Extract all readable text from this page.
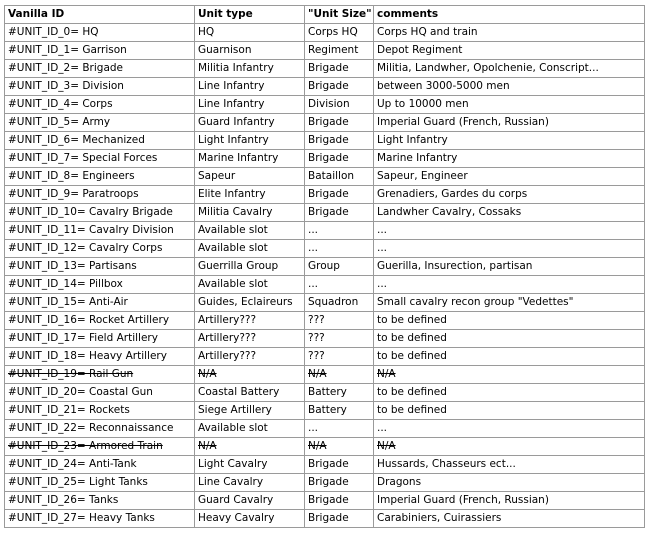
Vanilla ID	Unit type	"Unit Size"	comments
#UNIT_ID_0= HQ	HQ	Corps HQ	Corps HQ and train
#UNIT_ID_1= Garrison	Guarnison	Regiment	Depot Regiment
#UNIT_ID_2= Brigade	Militia Infantry	Brigade	Militia, Landwher, Opolchenie, Conscript...
#UNIT_ID_3= Division	Line Infantry	Brigade	between 3000-5000 men
#UNIT_ID_4= Corps	Line Infantry	Division	Up to 10000 men
#UNIT_ID_5= Army	Guard Infantry	Brigade	Imperial Guard (French, Russian)
#UNIT_ID_6= Mechanized	Light Infantry	Brigade	Light Infantry
#UNIT_ID_7= Special Forces	Marine Infantry	Brigade	Marine Infantry
#UNIT_ID_8= Engineers	Sapeur	Bataillon	Sapeur, Engineer
#UNIT_ID_9= Paratroops	Elite Infantry	Brigade	Grenadiers, Gardes du corps
#UNIT_ID_10= Cavalry Brigade	Militia Cavalry	Brigade	Landwher Cavalry, Cossaks
#UNIT_ID_11= Cavalry Division	Available slot	...	...
#UNIT_ID_12= Cavalry Corps	Available slot	...	...
#UNIT_ID_13= Partisans	Guerrilla Group	Group	Guerilla, Insurection, partisan
#UNIT_ID_14= Pillbox	Available slot	...	...
#UNIT_ID_15= Anti-Air	Guides, Eclaireurs	Squadron	Small cavalry recon group "Vedettes"
#UNIT_ID_16= Rocket Artillery	Artillery???	???	to be defined
#UNIT_ID_17= Field Artillery	Artillery???	???	to be defined
#UNIT_ID_18= Heavy Artillery	Artillery???	???	to be defined
#UNIT_ID_19= Rail Gun	N/A	N/A	N/A
#UNIT_ID_20= Coastal Gun	Coastal Battery	Battery	to be defined
#UNIT_ID_21= Rockets	Siege Artillery	Battery	to be defined
#UNIT_ID_22= Reconnaissance	Available slot	...	...
#UNIT_ID_23= Armored Train	N/A	N/A	N/A
#UNIT_ID_24= Anti-Tank	Light Cavalry	Brigade	Hussards, Chasseurs ect...
#UNIT_ID_25= Light Tanks	Line Cavalry	Brigade	Dragons
#UNIT_ID_26= Tanks	Guard Cavalry	Brigade	Imperial Guard (French, Russian)
#UNIT_ID_27= Heavy Tanks	Heavy Cavalry	Brigade	Carabiniers, Cuirassiers
